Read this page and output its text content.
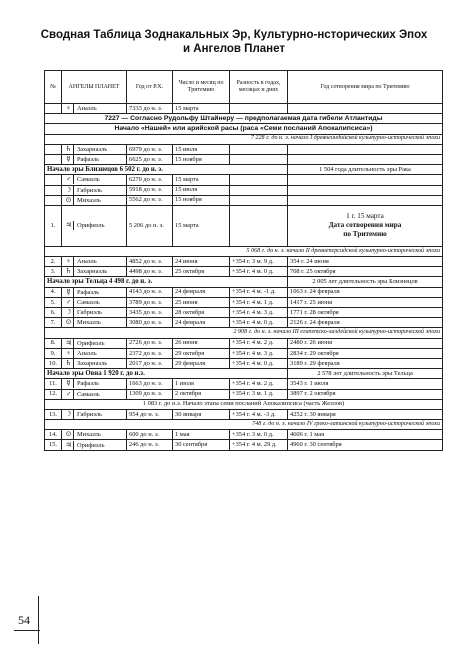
Сводная Таблица Зоднакальных Эр, Культурно-нсторических Эпох
и Ангелов Планет
№	АНГЕЛЫ ПЛАНЕТ	Год от Р.Х.	Число и месяц по Тритемию	Разность в годах, месяцах и днях	Год сотворения мира по Тритемию
	♀ Анаэль	7333 до н. э.	15 марта		
7227 — Согласно Рудольфу Штайнеру — предполагаемая дата гибели Атлантиды					
Начало «Нашей» или арийской расы (раса «Семи посланий Апокалипсиса»)					
7 228 г. до н. э. начало I древнеиндийской культурно-исторической эпохи					
	♄ Захарнаэль	6979 до н. э.	15 июля		
	☿ Рафаэль	6625 до н. э.	15 ноября		
Начало эры Близнецов 6 502 г. до н. э.					1 504 года длительность эры Рака
	♂ Самаэль	6270 до н. э.	15 марта		
	☽ Габриэль	5918 до н. э.	15 июля		
	⊙ Михаэль	5562 до н. э.	15 ноября		
1.	♃ Орифиэль	5 206 до н. э.	15 марта		1 г. 15 марта
Дата сотворения мира
по Тритемию

5 068 г. до н. э. начало II древнеперсидской культурно-исторической эпохи					
2.	♀ Анаэль	4852 до н. э.	24 июня	+354 г. 3 м. 9 д.	354 г. 24 июня
3.	♄ Захарнаэль	4498 до н. э.	25 октября	+354 г. 4 м. 0 д.	708 г. 25 октября
Начало эры Тельца 4 498 г. до н. э.					2 005 лет длительность эры Близнецов
4.	☿ Рафаэль	4143 до н. э.	24 февраля	+354 г. 4 м. -1 д.	1063 г. 24 февраля
5.	♂ Самаэль	3789 до н. э.	25 июня	+354 г. 4 м. 1 д.	1417 г. 25 июня
6.	☽ Габриэль	3435 до н. э.	28 октября	+354 г. 4 м. 3 д.	1771 г. 28 октября
7.	⊙ Михаэль	3080 до н. э.	24 февраля	+354 г. 4 м. 0 д.	2126 г. 24 февраля
2 908 г. до н. э. начало III египетско-халдейской культурно-исторической эпохи					
8.	♃ Орифиэль	2726 до н. э.	26 июня	+354 г. 4 м. 2 д.	2480 г. 26 июня
9.	♀ Анаэль	2372 до н. э.	29 октября	+354 г. 4 м. 3 д.	2834 г. 29 октября
10.	♄ Захарнаэль	2017 до н. э.	29 февраля	+354 г. 4 м. 0 д.	3189 г. 29 февраля
Начало эры Овна 1 920 г. до н.э.					2 578 лет длительность эры Тельца
11.	☿ Рафаэль	1663 до н. э.	1 июля	+354 г. 4 м. 2 д.	3543 г. 1 июля
12.	♂ Самаэль	1309 до н. э.	2 октября	+354 г. 3 м. 1 д.	3897 г. 2 октября
1 083 г. до н.э. Начало этапа семи посланий Апокалипсиса (часть Жезлов)					
13.	☽ Габриэль	954 до н. э.	30 января	+354 г. 4 м. -3 д.	4252 г. 30 января
748 г. до н. э. начало IV греко-латинской культурно-исторической эпохи					
14.	⊙ Михаэль	600 до н. э.	1 мая	+354 г. 3 м. 0 д.	4606 г. 1 мая
15.	♃ Орифиэль	246 до н. э.	30 сентября	+354 г. 4 м. 29 д.	4960 г. 30 сентября
54
